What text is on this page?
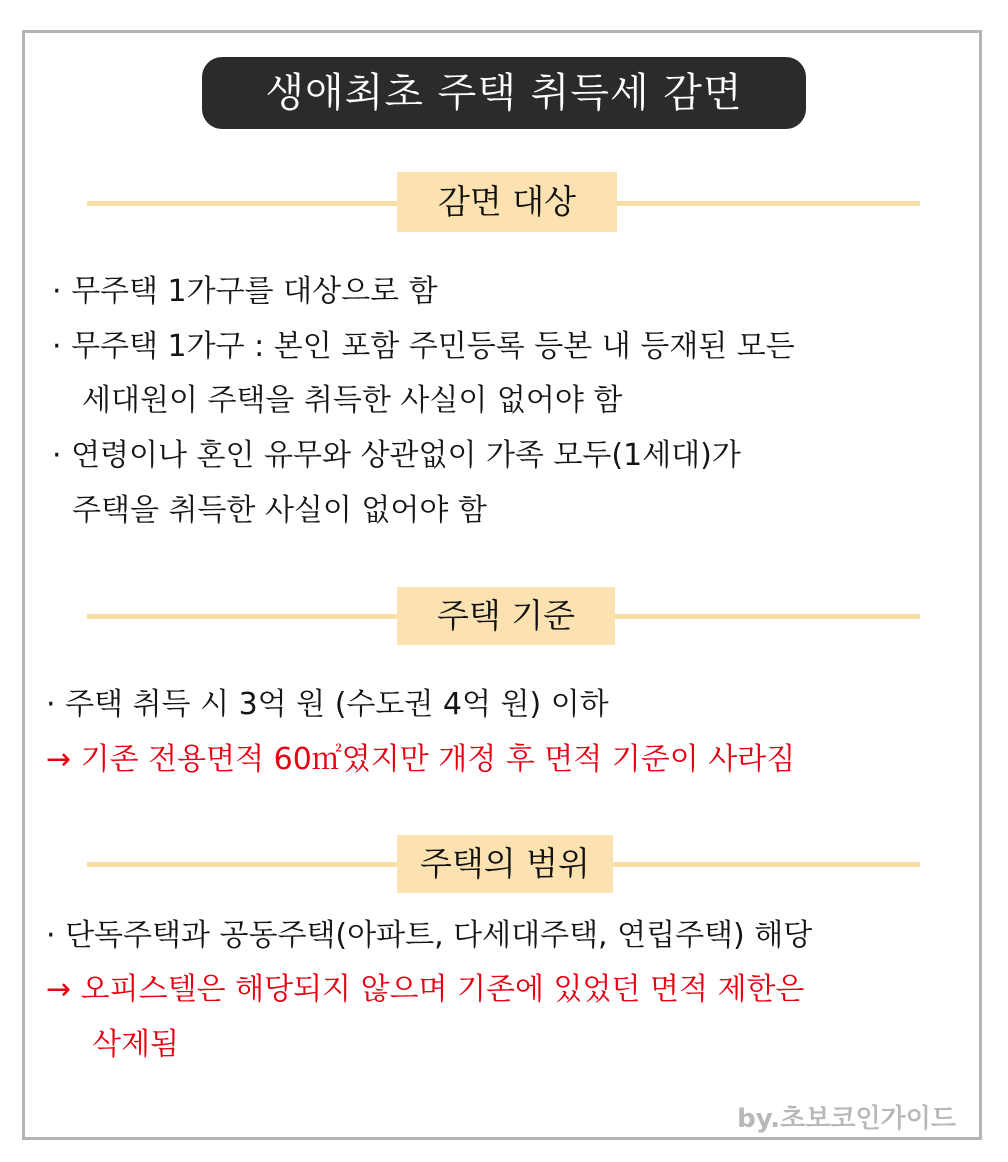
생애최초 주택 취득세 감면
감면 대상
· 무주택 1가구를 대상으로 함
· 무주택 1가구 : 본인 포함 주민등록 등본 내 등재된 모든
세대원이 주택을 취득한 사실이 없어야 함
· 연령이나 혼인 유무와 상관없이 가족 모두(1세대)가
주택을 취득한 사실이 없어야 함
주택 기준
· 주택 취득 시 3억 원 (수도권 4억 원) 이하
→ 기존 전용면적 60㎡였지만 개정 후 면적 기준이 사라짐
주택의 범위
· 단독주택과 공동주택(아파트, 다세대주택, 연립주택) 해당
→ 오피스텔은 해당되지 않으며 기존에 있었던 면적 제한은
삭제됨
by.초보코인가이드
